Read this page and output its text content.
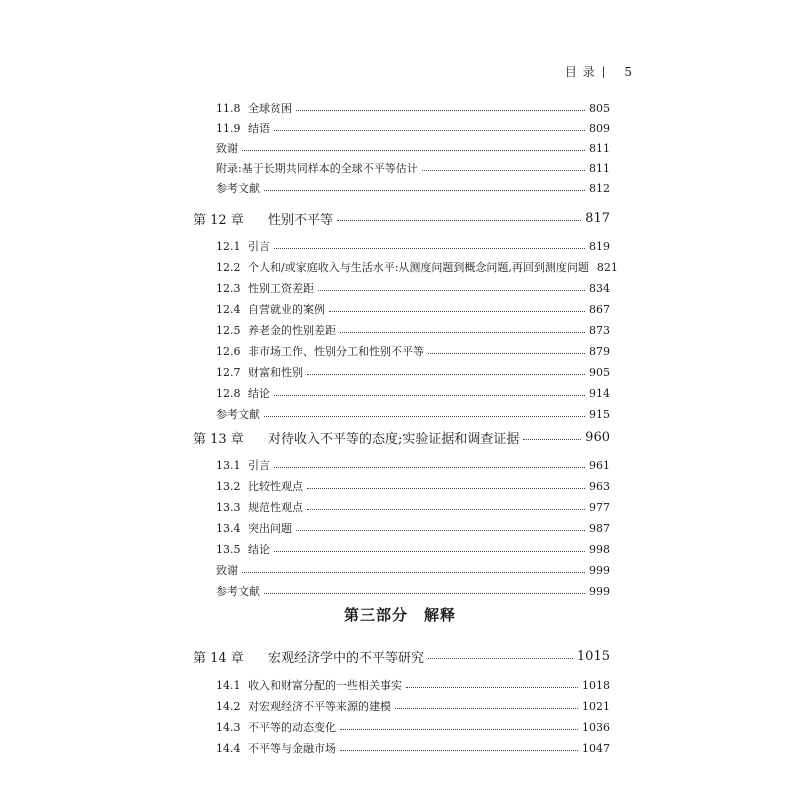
目 录 | 5
11.8 全球贫困	805
11.9 结语	809
致谢	811
附录:基于长期共同样本的全球不平等估计	811
参考文献	812
第 12 章	性别不平等	817
12.1 引言	819
12.2 个人和/或家庭收入与生活水平:从测度问题到概念问题,再回到测度问题 821
12.3 性别工资差距	834
12.4 自营就业的案例	867
12.5 养老金的性别差距	873
12.6 非市场工作、性别分工和性别不平等	879
12.7 财富和性别	905
12.8 结论	914
参考文献	915
第 13 章	对待收入不平等的态度;实验证据和调查证据	960
13.1 引言	961
13.2 比较性观点	963
13.3 规范性观点	977
13.4 突出问题	987
13.5 结论	998
致谢	999
参考文献	999
第三部分　解释
第 14 章	宏观经济学中的不平等研究	1015
14.1 收入和财富分配的一些相关事实	1018
14.2 对宏观经济不平等来源的建模	1021
14.3 不平等的动态变化	1036
14.4 不平等与金融市场	1047
